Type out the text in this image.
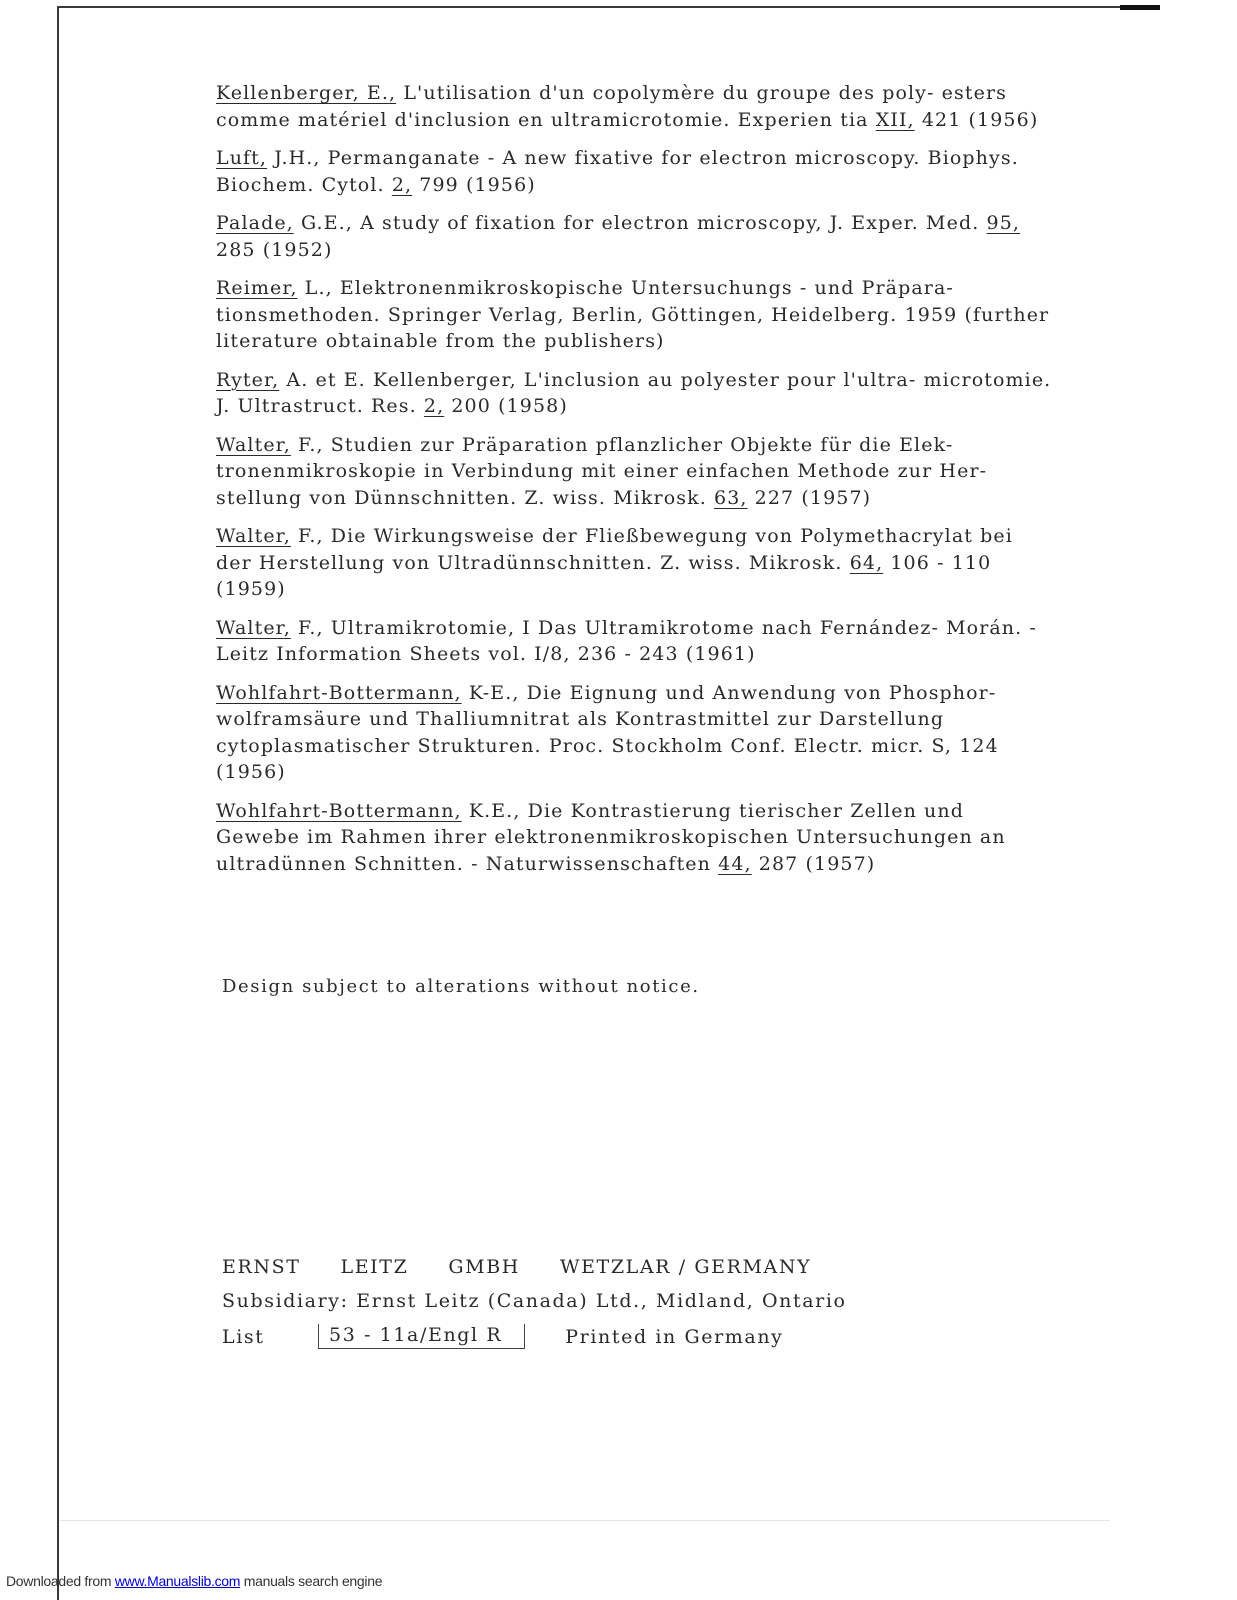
Kellenberger, E., L'utilisation d'un copolymère du groupe des poly- esters comme matériel d'inclusion en ultramicrotomie. Experien tia XII, 421 (1956)

Luft, J.H., Permanganate - A new fixative for electron microscopy. Biophys. Biochem. Cytol. 2, 799 (1956)

Palade, G.E., A study of fixation for electron microscopy, J. Exper. Med. 95, 285 (1952)

Reimer, L., Elektronenmikroskopische Untersuchungs - und Präpara- tionsmethoden. Springer Verlag, Berlin, Göttingen, Heidelberg. 1959 (further literature obtainable from the publishers)

Ryter, A. et E. Kellenberger, L'inclusion au polyester pour l'ultra- microtomie. J. Ultrastruct. Res. 2, 200 (1958)

Walter, F., Studien zur Präparation pflanzlicher Objekte für die Elek- tronenmikroskopie in Verbindung mit einer einfachen Methode zur Her- stellung von Dünnschnitten. Z. wiss. Mikrosk. 63, 227 (1957)

Walter, F., Die Wirkungsweise der Fließbewegung von Polymethacrylat bei der Herstellung von Ultradünnschnitten. Z. wiss. Mikrosk. 64, 106 - 110 (1959)

Walter, F., Ultramikrotomie, I Das Ultramikrotome nach Fernández- Morán. - Leitz Information Sheets vol. I/8, 236 - 243 (1961)

Wohlfahrt-Bottermann, K-E., Die Eignung und Anwendung von Phosphor- wolframsäure und Thalliumnitrat als Kontrastmittel zur Darstellung cytoplasmatischer Strukturen. Proc. Stockholm Conf. Electr. micr. S, 124 (1956)

Wohlfahrt-Bottermann, K.E., Die Kontrastierung tierischer Zellen und Gewebe im Rahmen ihrer elektronenmikroskopischen Untersuchungen an ultradünnen Schnitten. - Naturwissenschaften 44, 287 (1957)

Design subject to alterations without notice.
ERNST LEITZ GMBH WETZLAR / GERMANY
Subsidiary: Ernst Leitz (Canada) Ltd., Midland, Ontario
List	53 - 11a/Engl R	Printed in Germany
Downloaded from www.Manualslib.com manuals search engine
